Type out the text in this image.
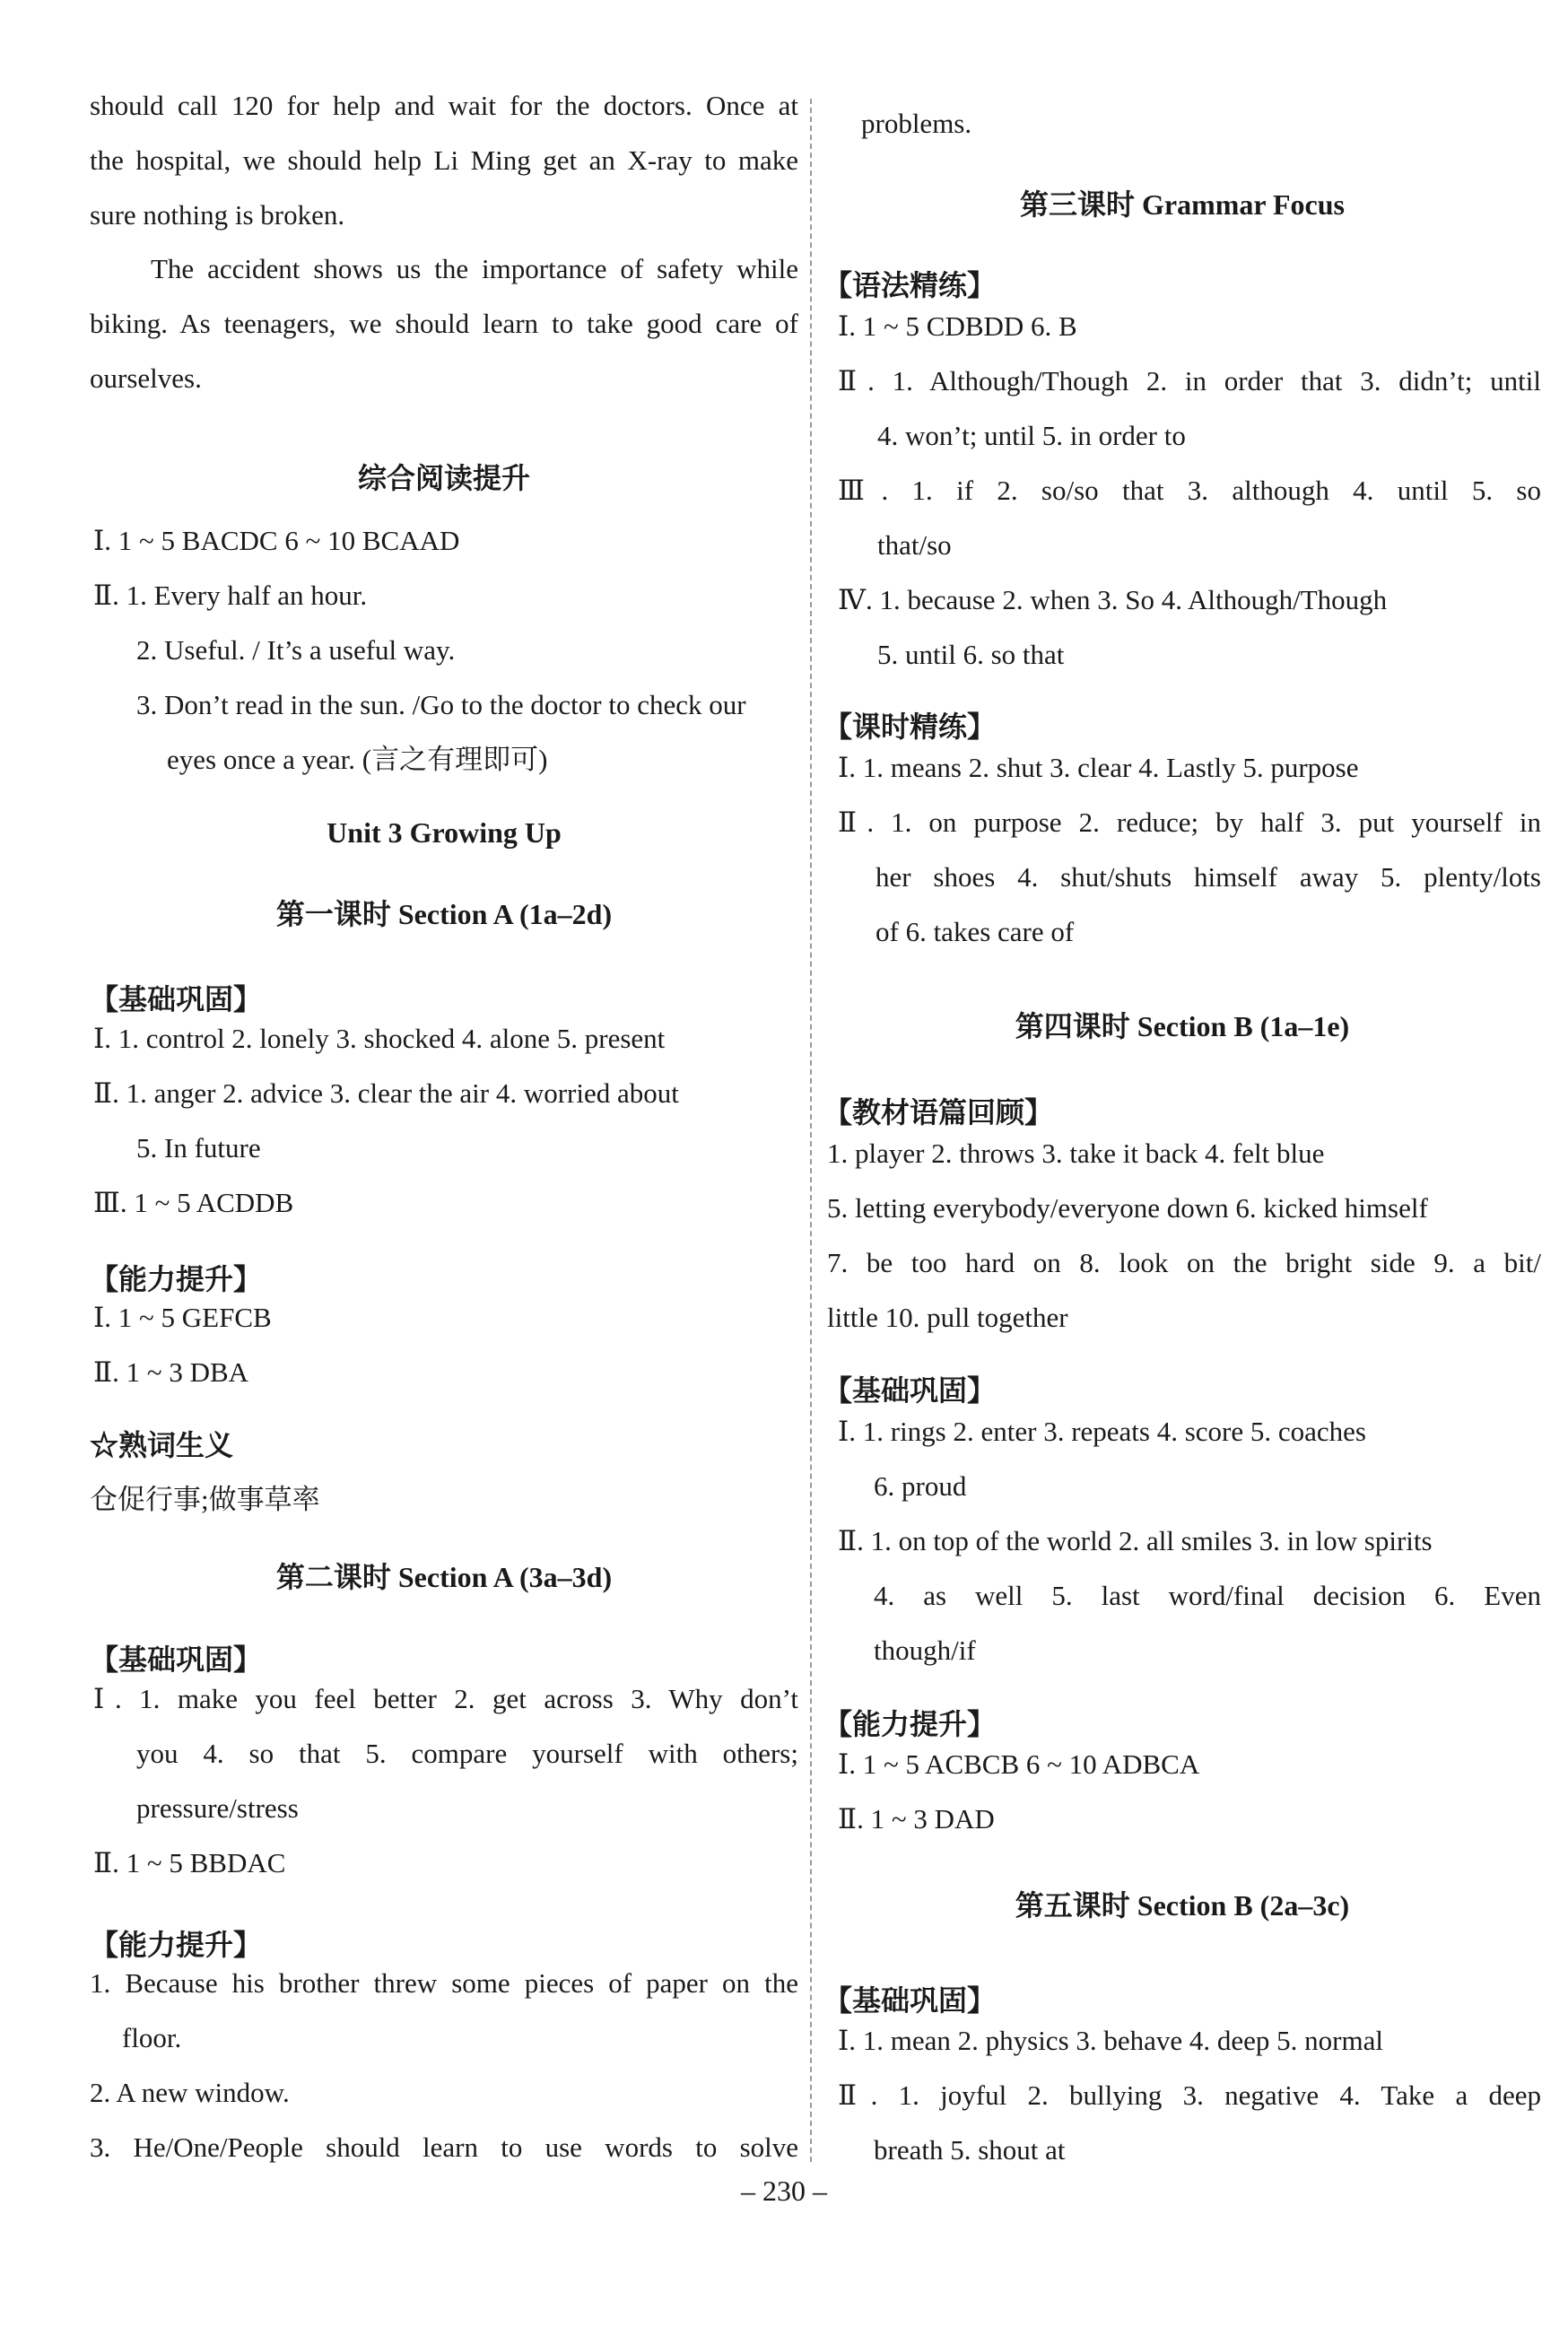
should call 120 for help and wait for the doctors. Once at
the hospital, we should help Li Ming get an X-ray to make
sure nothing is broken.
The accident shows us the importance of safety while
biking. As teenagers, we should learn to take good care of
ourselves.
综合阅读提升
Ⅰ. 1 ~ 5 BACDC 6 ~ 10 BCAAD
Ⅱ. 1. Every half an hour.
2. Useful. / It’s a useful way.
3. Don’t read in the sun. /Go to the doctor to check our
eyes once a year. (言之有理即可)
Unit 3 Growing Up
第一课时 Section A (1a–2d)
【基础巩固】
Ⅰ. 1. control 2. lonely 3. shocked 4. alone 5. present
Ⅱ. 1. anger 2. advice 3. clear the air 4. worried about
5. In future
Ⅲ. 1 ~ 5 ACDDB
【能力提升】
Ⅰ. 1 ~ 5 GEFCB
Ⅱ. 1 ~ 3 DBA
☆熟词生义
仓促行事;做事草率
第二课时 Section A (3a–3d)
【基础巩固】
Ⅰ. 1. make you feel better 2. get across 3. Why don’t
you 4. so that 5. compare yourself with others;
pressure/stress
Ⅱ. 1 ~ 5 BBDAC
【能力提升】
1. Because his brother threw some pieces of paper on the
floor.
2. A new window.
3. He/One/People should learn to use words to solve
problems.
第三课时 Grammar Focus
【语法精练】
Ⅰ. 1 ~ 5 CDBDD 6. B
Ⅱ. 1. Although/Though 2. in order that 3. didn’t; until
4. won’t; until 5. in order to
Ⅲ. 1. if 2. so/so that 3. although 4. until 5. so
that/so
Ⅳ. 1. because 2. when 3. So 4. Although/Though
5. until 6. so that
【课时精练】
Ⅰ. 1. means 2. shut 3. clear 4. Lastly 5. purpose
Ⅱ. 1. on purpose 2. reduce; by half 3. put yourself in
her shoes 4. shut/shuts himself away 5. plenty/lots
of 6. takes care of
第四课时 Section B (1a–1e)
【教材语篇回顾】
1. player 2. throws 3. take it back 4. felt blue
5. letting everybody/everyone down 6. kicked himself
7. be too hard on 8. look on the bright side 9. a bit/
little 10. pull together
【基础巩固】
Ⅰ. 1. rings 2. enter 3. repeats 4. score 5. coaches
6. proud
Ⅱ. 1. on top of the world 2. all smiles 3. in low spirits
4. as well 5. last word/final decision 6. Even
though/if
【能力提升】
Ⅰ. 1 ~ 5 ACBCB 6 ~ 10 ADBCA
Ⅱ. 1 ~ 3 DAD
第五课时 Section B (2a–3c)
【基础巩固】
Ⅰ. 1. mean 2. physics 3. behave 4. deep 5. normal
Ⅱ. 1. joyful 2. bullying 3. negative 4. Take a deep
breath 5. shout at
– 230 –
